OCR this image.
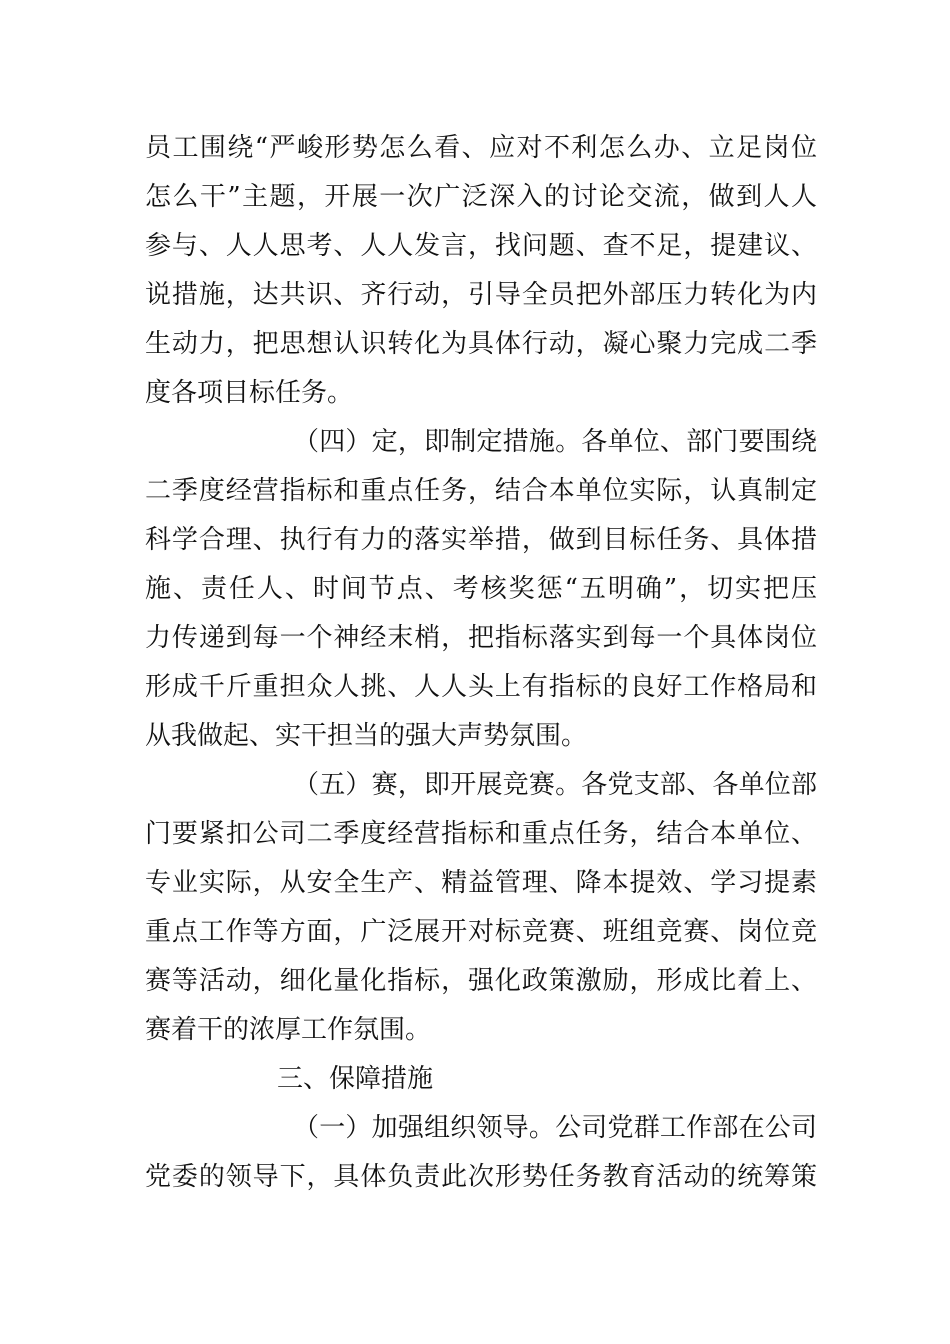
员工围绕“严峻形势怎么看、应对不利怎么办、立足岗位
怎么干”主题，开展一次广泛深入的讨论交流，做到人人
参与、人人思考、人人发言，找问题、查不足，提建议、
说措施，达共识、齐行动，引导全员把外部压力转化为内
生动力，把思想认识转化为具体行动，凝心聚力完成二季
度各项目标任务。
（四）定，即制定措施。各单位、部门要围绕
二季度经营指标和重点任务，结合本单位实际，认真制定
科学合理、执行有力的落实举措，做到目标任务、具体措
施、责任人、时间节点、考核奖惩“五明确”，切实把压
力传递到每一个神经末梢，把指标落实到每一个具体岗位
形成千斤重担众人挑、人人头上有指标的良好工作格局和
从我做起、实干担当的强大声势氛围。
（五）赛，即开展竞赛。各党支部、各单位部
门要紧扣公司二季度经营指标和重点任务，结合本单位、
专业实际，从安全生产、精益管理、降本提效、学习提素
重点工作等方面，广泛展开对标竞赛、班组竞赛、岗位竞
赛等活动，细化量化指标，强化政策激励，形成比着上、
赛着干的浓厚工作氛围。
三、保障措施
（一）加强组织领导。公司党群工作部在公司
党委的领导下，具体负责此次形势任务教育活动的统筹策
